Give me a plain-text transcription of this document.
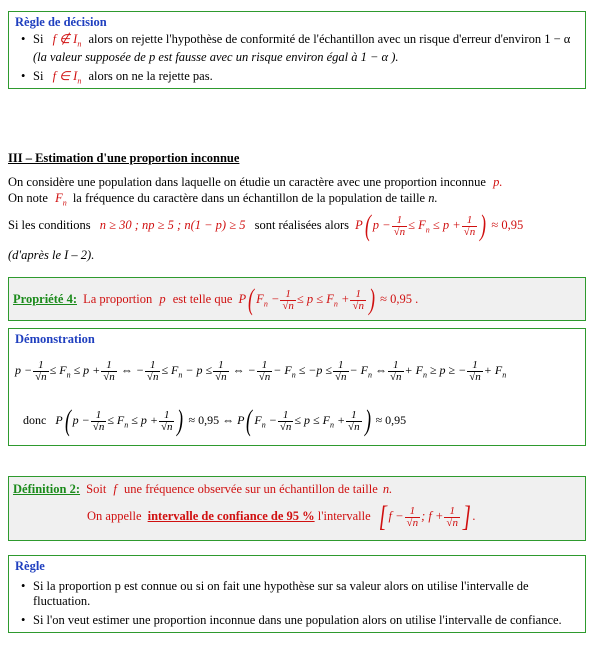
Règle de décision
• Si f ∉ $I_n$ alors on rejette l'hypothèse de conformité de l'échantillon avec un risque d'erreur d'environ 1 − α
(la valeur supposée de p est fausse avec un risque environ égal à 1 − α ).
• Si f ∈ $I_n$ alors on ne la rejette pas.
III – Estimation d'une proportion inconnue
On considère une population dans laquelle on étudie un caractère avec une proportion inconnue p.
On note $F_n$ la fréquence du caractère dans un échantillon de la population de taille n.
Si les conditions n ≥ 30 ; np ≥ 5 ; n(1 − p) ≥ 5 sont réalisées alors P( $p - \frac{1}{√n} \le F_n \le p + \frac{1}{√n}$ ) ≈ 0,95
(d'après le I – 2).
Propriété 4: La proportion p est telle que P( $F_n - \frac{1}{√n} \le p \le F_n + \frac{1}{√n}$ ) ≈ 0,95 .
Démonstration
$p - \frac{1}{√n} \le F_n \le p + \frac{1}{√n}$ ⇔ − $\frac{1}{√n} \le F_n - p \le \frac{1}{√n}$ ⇔ − $\frac{1}{√n} - F_n \le -p \le \frac{1}{√n} - F_n$ ⇔ $\frac{1}{√n} + F_n \ge p$ ≥ − $\frac{1}{√n} + F_n$
donc P( $p - \frac{1}{√n} \le F_n \le p + \frac{1}{√n}$ ) ≈ 0,95 ⇔ P( $F_n - \frac{1}{√n} \le p \le F_n + \frac{1}{√n}$ ) ≈ 0,95
Définition 2: Soit f une fréquence observée sur un échantillon de taille n.
On appelle intervalle de confiance de 95 % l'intervalle [ $f - \frac{1}{√n}$ ; $f + \frac{1}{√n}$ ] .
Règle
• Si la proportion p est connue ou si on fait une hypothèse sur sa valeur alors on utilise l'intervalle de
fluctuation.
• Si l'on veut estimer une proportion inconnue dans une population alors on utilise l'intervalle de confiance.
